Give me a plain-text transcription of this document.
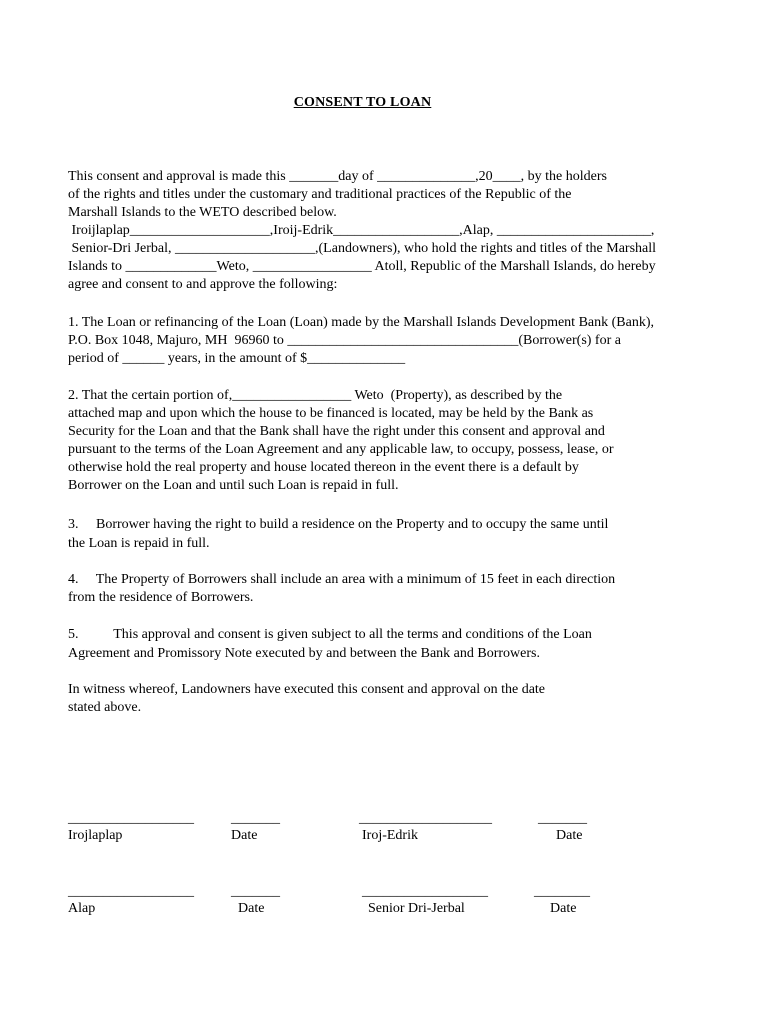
CONSENT TO LOAN
This consent and approval is made this _______day of ______________,20____, by the holders
of the rights and titles under the customary and traditional practices of the Republic of the
Marshall Islands to the WETO described below.
Iroijlaplap____________________,Iroij-Edrik__________________,Alap, ______________________,
Senior-Dri Jerbal, ____________________,(Landowners), who hold the rights and titles of the Marshall
Islands to _____________Weto, _________________ Atoll, Republic of the Marshall Islands, do hereby
agree and consent to and approve the following:
1. The Loan or refinancing of the Loan (Loan) made by the Marshall Islands Development Bank (Bank),
P.O. Box 1048, Majuro, MH  96960 to _________________________________(Borrower(s) for a
period of ______ years, in the amount of $______________
2. That the certain portion of,_________________ Weto  (Property), as described by the
attached map and upon which the house to be financed is located, may be held by the Bank as
Security for the Loan and that the Bank shall have the right under this consent and approval and
pursuant to the terms of the Loan Agreement and any applicable law, to occupy, possess, lease, or
otherwise hold the real property and house located thereon in the event there is a default by
Borrower on the Loan and until such Loan is repaid in full.
3.     Borrower having the right to build a residence on the Property and to occupy the same until
the Loan is repaid in full.
4.     The Property of Borrowers shall include an area with a minimum of 15 feet in each direction
from the residence of Borrowers.
5.          This approval and consent is given subject to all the terms and conditions of the Loan
Agreement and Promissory Note executed by and between the Bank and Borrowers.
In witness whereof, Landowners have executed this consent and approval on the date
stated above.
__________________	_______	___________________	_______
Irojlaplap	Date	Iroj-Edrik	Date
__________________	_______	__________________	________
Alap	Date	Senior Dri-Jerbal	Date
